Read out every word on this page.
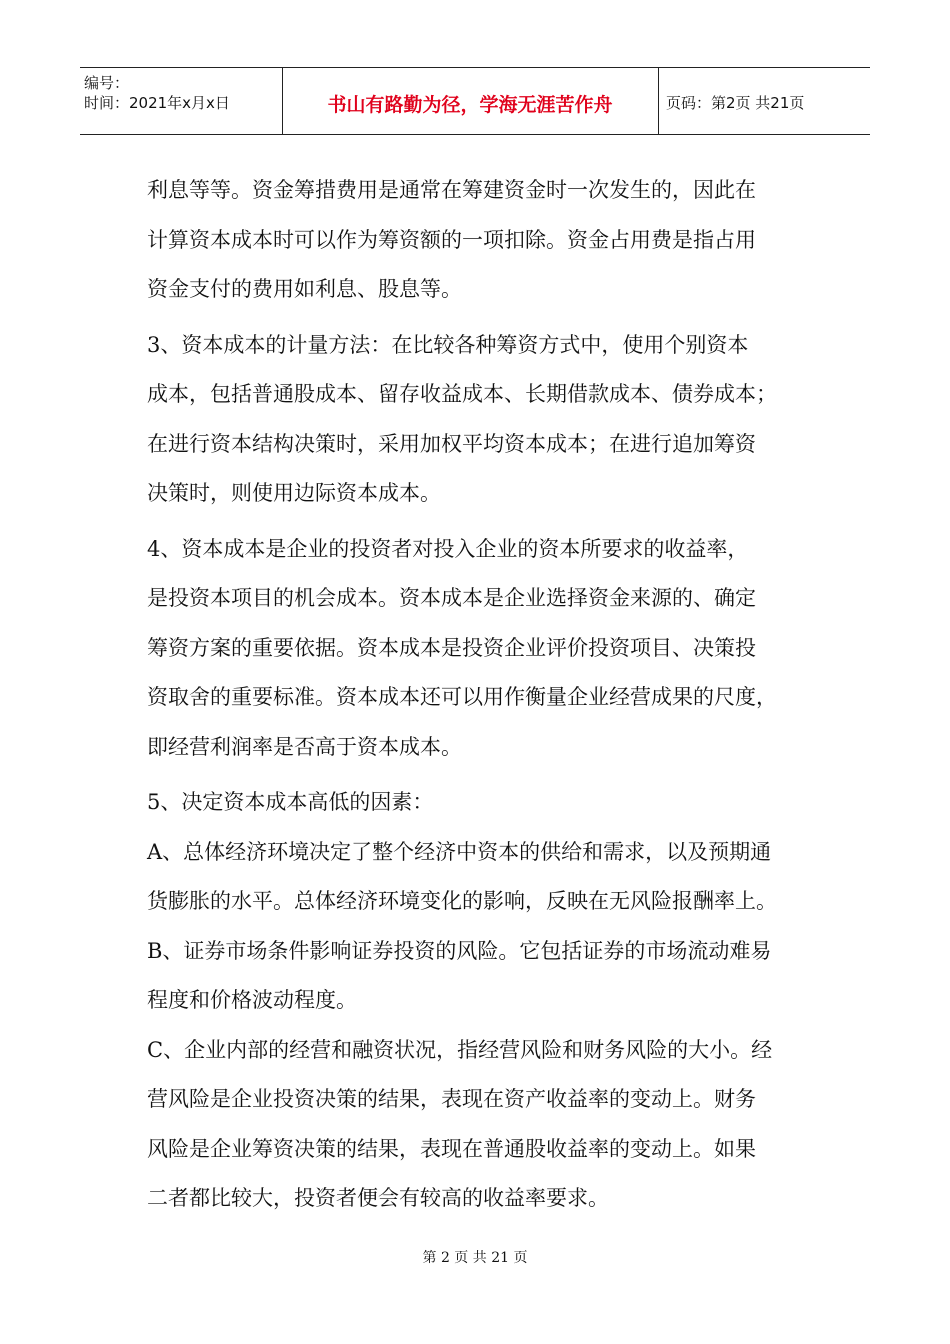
编号：
时间：2021年x月x日	书山有路勤为径，学海无涯苦作舟	页码：第2页 共21页
利息等等。资金筹措费用是通常在筹建资金时一次发生的，因此在
计算资本成本时可以作为筹资额的一项扣除。资金占用费是指占用
资金支付的费用如利息、股息等。
3、资本成本的计量方法：在比较各种筹资方式中，使用个别资本
成本，包括普通股成本、留存收益成本、长期借款成本、债券成本；
在进行资本结构决策时，采用加权平均资本成本；在进行追加筹资
决策时，则使用边际资本成本。
4、资本成本是企业的投资者对投入企业的资本所要求的收益率，
是投资本项目的机会成本。资本成本是企业选择资金来源的、确定
筹资方案的重要依据。资本成本是投资企业评价投资项目、决策投
资取舍的重要标准。资本成本还可以用作衡量企业经营成果的尺度，
即经营利润率是否高于资本成本。
5、决定资本成本高低的因素：
A、总体经济环境决定了整个经济中资本的供给和需求，以及预期通
货膨胀的水平。总体经济环境变化的影响，反映在无风险报酬率上。
B、证券市场条件影响证券投资的风险。它包括证券的市场流动难易
程度和价格波动程度。
C、企业内部的经营和融资状况，指经营风险和财务风险的大小。经
营风险是企业投资决策的结果，表现在资产收益率的变动上。财务
风险是企业筹资决策的结果，表现在普通股收益率的变动上。如果
二者都比较大，投资者便会有较高的收益率要求。
第 2 页 共 21 页
